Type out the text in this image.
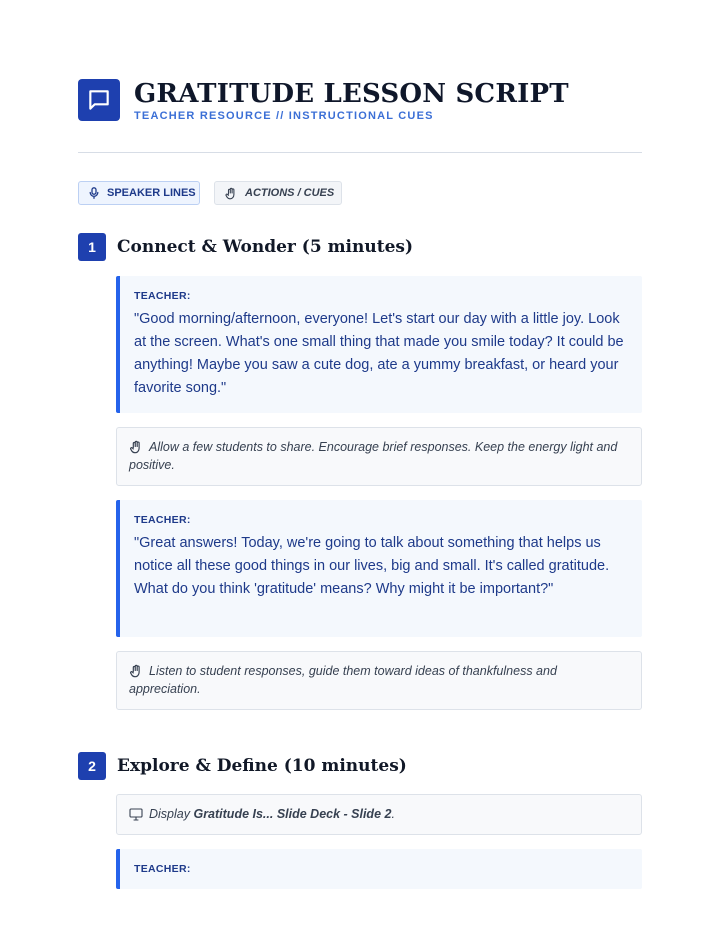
GRATITUDE LESSON SCRIPT
TEACHER RESOURCE // INSTRUCTIONAL CUES
SPEAKER LINES	ACTIONS / CUES
1	Connect & Wonder (5 minutes)
TEACHER:
"Good morning/afternoon, everyone! Let's start our day with a little joy. Look at the screen. What's one small thing that made you smile today? It could be anything! Maybe you saw a cute dog, ate a yummy breakfast, or heard your favorite song."
Allow a few students to share. Encourage brief responses. Keep the energy light and positive.
TEACHER:
"Great answers! Today, we're going to talk about something that helps us notice all these good things in our lives, big and small. It's called gratitude. What do you think 'gratitude' means? Why might it be important?"
Listen to student responses, guide them toward ideas of thankfulness and appreciation.
2	Explore & Define (10 minutes)
Display Gratitude Is... Slide Deck - Slide 2.
TEACHER:
